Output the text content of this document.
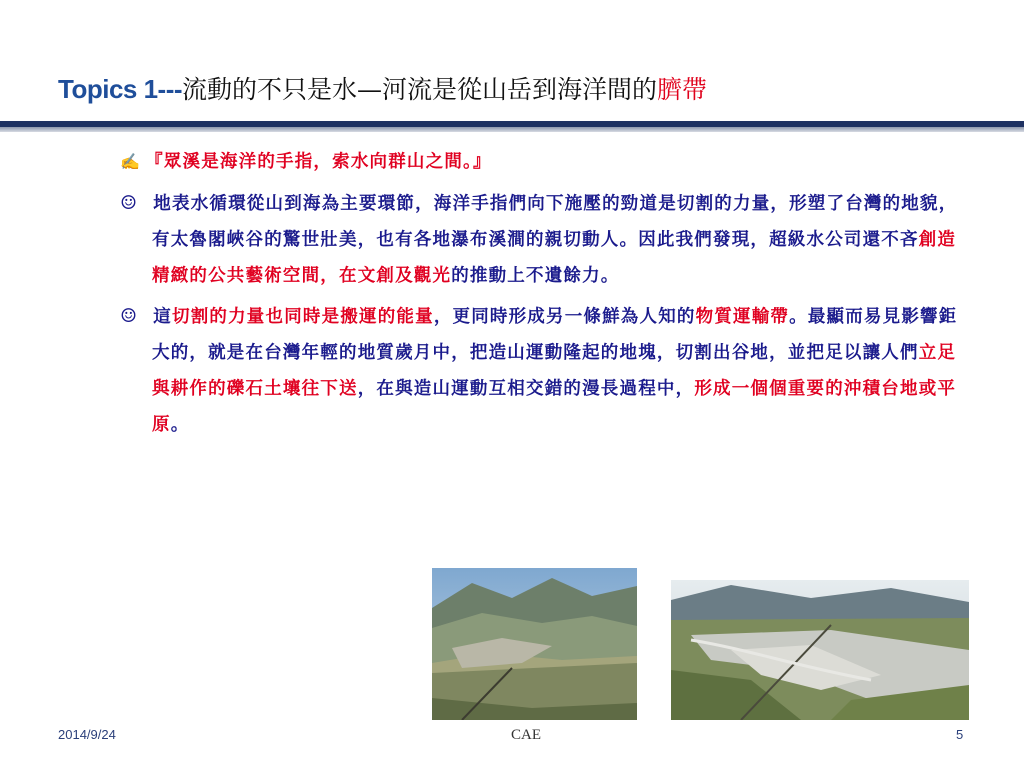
Topics 1---流動的不只是水—河流是從山岳到海洋間的臍帶
✍ 『眾溪是海洋的手指，索水向群山之間。』
☺ 地表水循環從山到海為主要環節，海洋手指們向下施壓的勁道是切割的力量，形塑了台灣的地貌，有太魯閣峽谷的驚世壯美，也有各地瀑布溪澗的親切動人。因此我們發現，超級水公司還不吝創造精緻的公共藝術空間，在文創及觀光的推動上不遺餘力。
☺ 這切割的力量也同時是搬運的能量，更同時形成另一條鮮為人知的物質運輸帶。最顯而易見影響鉅大的，就是在台灣年輕的地質歲月中，把造山運動隆起的地塊，切割出谷地，並把足以讓人們立足與耕作的礫石土壤往下送，在與造山運動互相交錯的漫長過程中，形成一個個重要的沖積台地或平原。
2014/9/24	CAE	5
